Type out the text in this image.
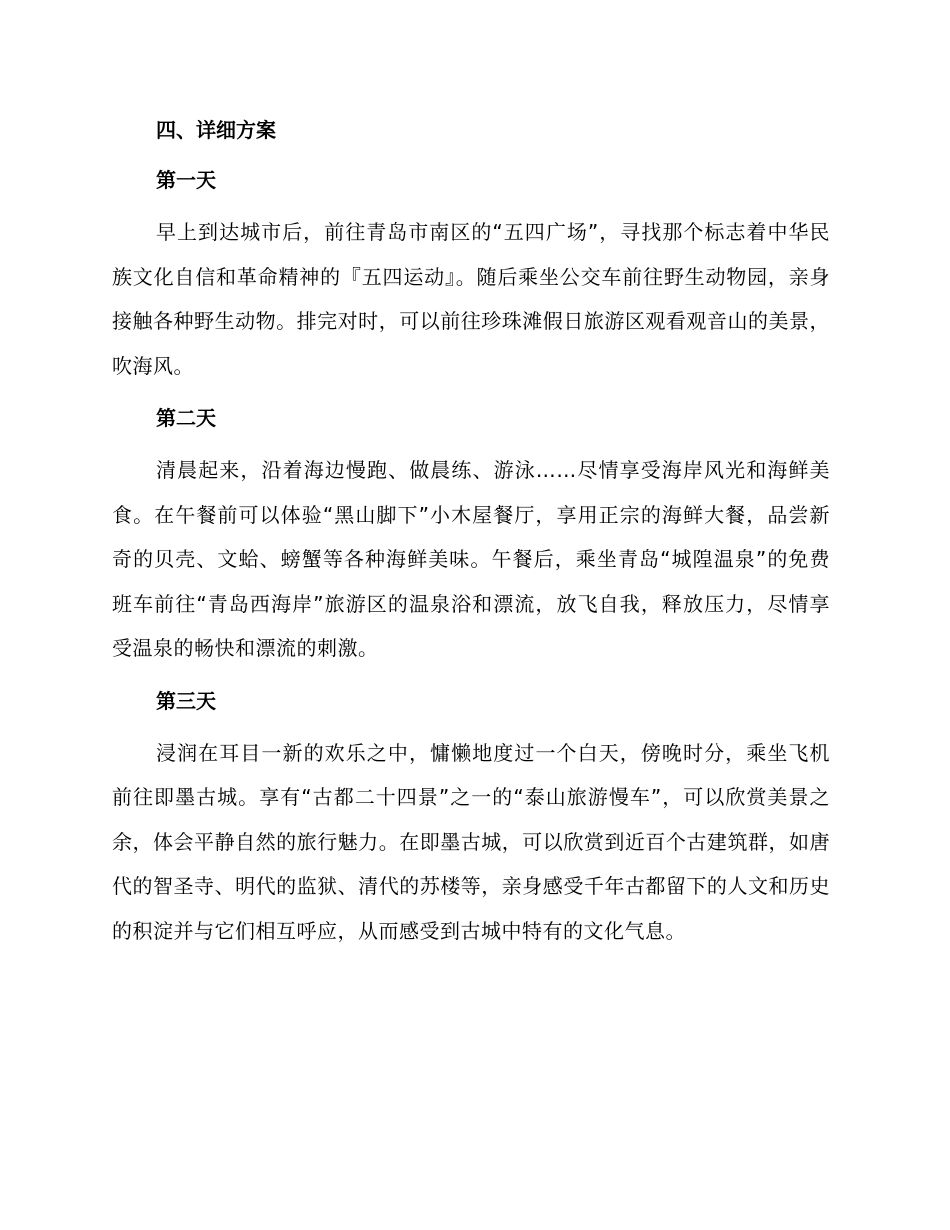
四、详细方案
第一天

早上到达城市后，前往青岛市南区的“五四广场”，寻找那个标志着中华民族文化自信和革命精神的『五四运动』。随后乘坐公交车前往野生动物园，亲身接触各种野生动物。排完对时，可以前往珍珠滩假日旅游区观看观音山的美景，吹海风。

第二天

清晨起来，沿着海边慢跑、做晨练、游泳……尽情享受海岸风光和海鲜美食。在午餐前可以体验“黑山脚下”小木屋餐厅，享用正宗的海鲜大餐，品尝新奇的贝壳、文蛤、螃蟹等各种海鲜美味。午餐后，乘坐青岛“城隍温泉”的免费班车前往“青岛西海岸”旅游区的温泉浴和漂流，放飞自我，释放压力，尽情享受温泉的畅快和漂流的刺激。

第三天

浸润在耳目一新的欢乐之中，慵懒地度过一个白天，傍晚时分，乘坐飞机前往即墨古城。享有“古都二十四景”之一的“泰山旅游慢车”，可以欣赏美景之余，体会平静自然的旅行魅力。在即墨古城，可以欣赏到近百个古建筑群，如唐代的智圣寺、明代的监狱、清代的苏楼等，亲身感受千年古都留下的人文和历史的积淀并与它们相互呼应，从而感受到古城中特有的文化气息。
